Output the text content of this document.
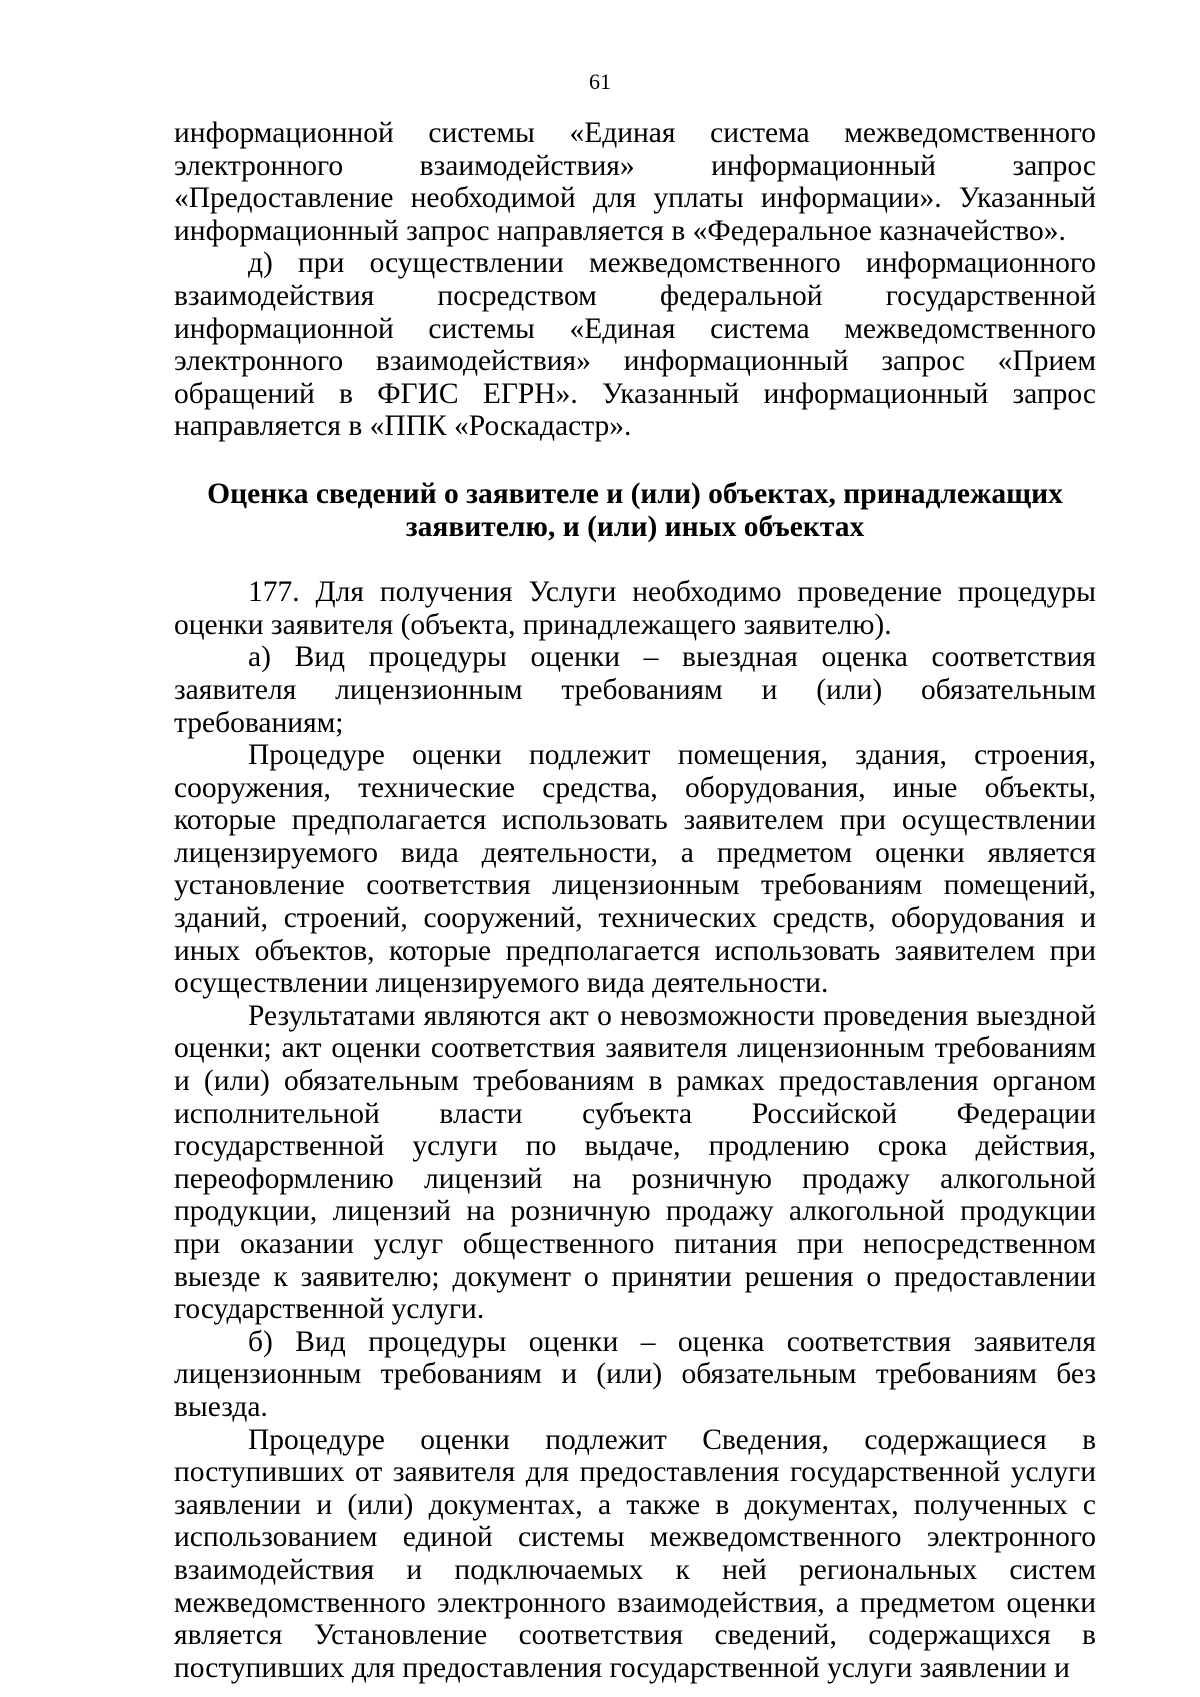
61

информационной системы «Единая система межведомственного электронного взаимодействия» информационный запрос «Предоставление необходимой для уплаты информации». Указанный информационный запрос направляется в «Федеральное казначейство».

д) при осуществлении межведомственного информационного взаимодействия посредством федеральной государственной информационной системы «Единая система межведомственного электронного взаимодействия» информационный запрос «Прием обращений в ФГИС ЕГРН». Указанный информационный запрос направляется в «ППК «Роскадастр».

Оценка сведений о заявителе и (или) объектах, принадлежащих
заявителю, и (или) иных объектах

177. Для получения Услуги необходимо проведение процедуры оценки заявителя (объекта, принадлежащего заявителю).

а) Вид процедуры оценки – выездная оценка соответствия заявителя лицензионным требованиям и (или) обязательным требованиям;

Процедуре оценки подлежит помещения, здания, строения, сооружения, технические средства, оборудования, иные объекты, которые предполагается использовать заявителем при осуществлении лицензируемого вида деятельности, а предметом оценки является установление соответствия лицензионным требованиям помещений, зданий, строений, сооружений, технических средств, оборудования и иных объектов, которые предполагается использовать заявителем при осуществлении лицензируемого вида деятельности.

Результатами являются акт о невозможности проведения выездной оценки; акт оценки соответствия заявителя лицензионным требованиям и (или) обязательным требованиям в рамках предоставления органом исполнительной власти субъекта Российской Федерации государственной услуги по выдаче, продлению срока действия, переоформлению лицензий на розничную продажу алкогольной продукции, лицензий на розничную продажу алкогольной продукции при оказании услуг общественного питания при непосредственном выезде к заявителю; документ о принятии решения о предоставлении государственной услуги.

б) Вид процедуры оценки – оценка соответствия заявителя лицензионным требованиям и (или) обязательным требованиям без выезда.

Процедуре оценки подлежит Сведения, содержащиеся в поступивших от заявителя для предоставления государственной услуги заявлении и (или) документах, а также в документах, полученных с использованием единой системы межведомственного электронного взаимодействия и подключаемых к ней региональных систем межведомственного электронного взаимодействия, а предметом оценки является Установление соответствия сведений, содержащихся в поступивших для предоставления государственной услуги заявлении и
